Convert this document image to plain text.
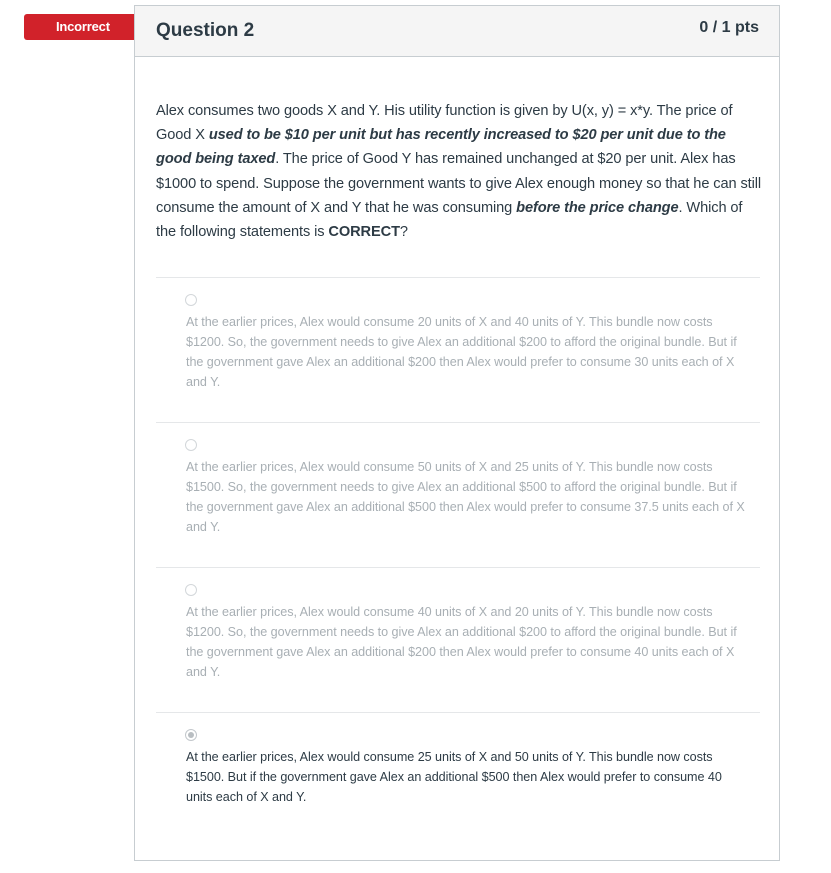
Incorrect	Question 2	0 / 1 pts
Alex consumes two goods X and Y. His utility function is given by U(x, y) = x*y. The price of Good X used to be $10 per unit but has recently increased to $20 per unit due to the good being taxed. The price of Good Y has remained unchanged at $20 per unit. Alex has $1000 to spend. Suppose the government wants to give Alex enough money so that he can still consume the amount of X and Y that he was consuming before the price change. Which of the following statements is CORRECT?
At the earlier prices, Alex would consume 20 units of X and 40 units of Y. This bundle now costs $1200. So, the government needs to give Alex an additional $200 to afford the original bundle. But if the government gave Alex an additional $200 then Alex would prefer to consume 30 units each of X and Y.
At the earlier prices, Alex would consume 50 units of X and 25 units of Y. This bundle now costs $1500. So, the government needs to give Alex an additional $500 to afford the original bundle. But if the government gave Alex an additional $500 then Alex would prefer to consume 37.5 units each of X and Y.
At the earlier prices, Alex would consume 40 units of X and 20 units of Y. This bundle now costs $1200. So, the government needs to give Alex an additional $200 to afford the original bundle. But if the government gave Alex an additional $200 then Alex would prefer to consume 40 units each of X and Y.
At the earlier prices, Alex would consume 25 units of X and 50 units of Y. This bundle now costs $1500. But if the government gave Alex an additional $500 then Alex would prefer to consume 40 units each of X and Y.
